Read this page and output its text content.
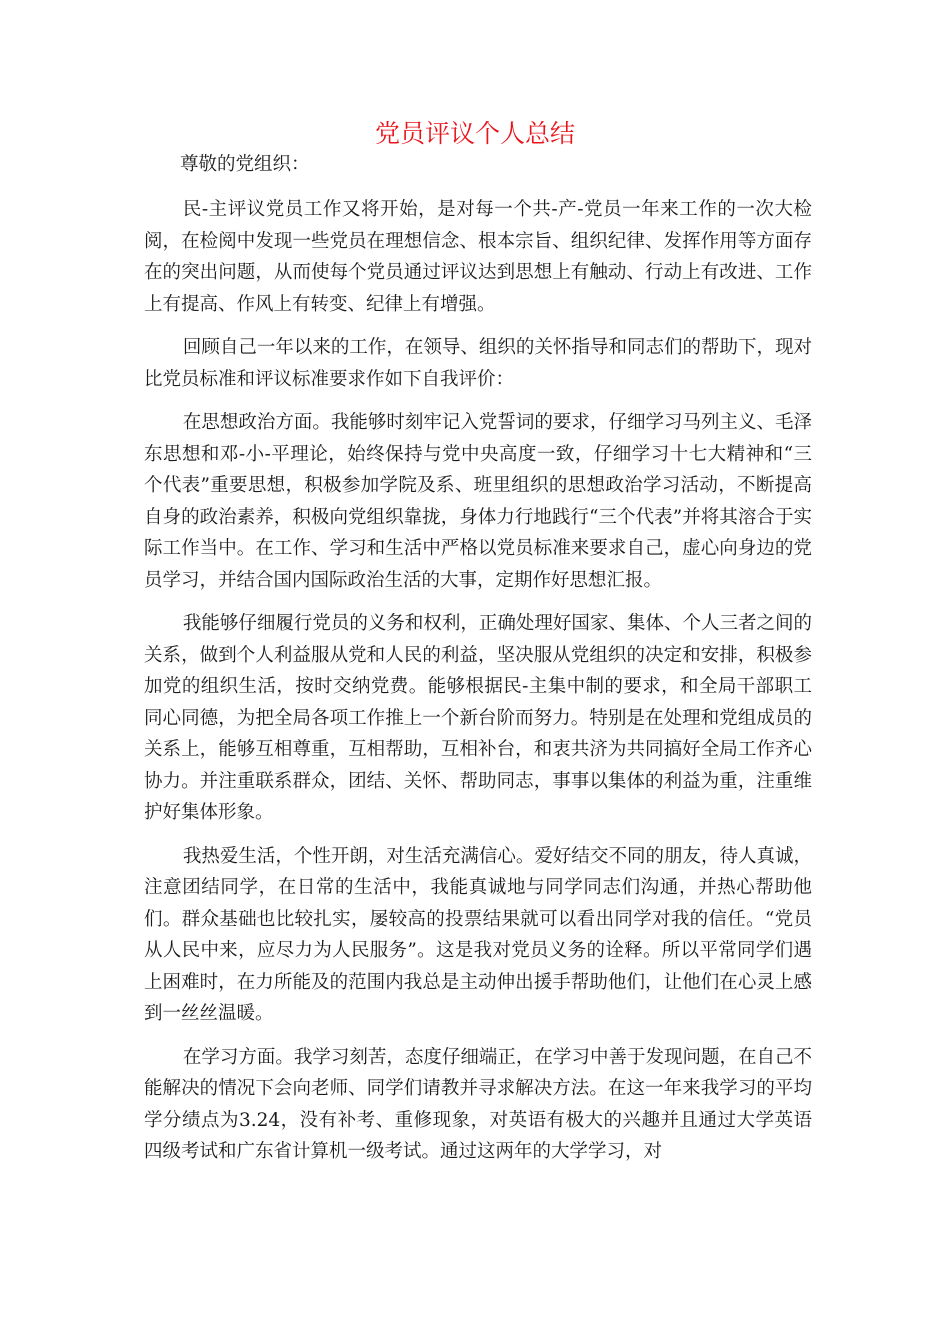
党员评议个人总结

尊敬的党组织：

民-主评议党员工作又将开始，是对每一个共-产-党员一年来工作的一次大检阅，在检阅中发现一些党员在理想信念、根本宗旨、组织纪律、发挥作用等方面存在的突出问题，从而使每个党员通过评议达到思想上有触动、行动上有改进、工作上有提高、作风上有转变、纪律上有增强。

回顾自己一年以来的工作，在领导、组织的关怀指导和同志们的帮助下，现对比党员标准和评议标准要求作如下自我评价：

在思想政治方面。我能够时刻牢记入党誓词的要求，仔细学习马列主义、毛泽东思想和邓-小-平理论，始终保持与党中央高度一致，仔细学习十七大精神和“三个代表”重要思想，积极参加学院及系、班里组织的思想政治学习活动，不断提高自身的政治素养，积极向党组织靠拢，身体力行地践行“三个代表”并将其溶合于实际工作当中。在工作、学习和生活中严格以党员标准来要求自己，虚心向身边的党员学习，并结合国内国际政治生活的大事，定期作好思想汇报。

我能够仔细履行党员的义务和权利，正确处理好国家、集体、个人三者之间的关系，做到个人利益服从党和人民的利益，坚决服从党组织的决定和安排，积极参加党的组织生活，按时交纳党费。能够根据民-主集中制的要求，和全局干部职工同心同德，为把全局各项工作推上一个新台阶而努力。特别是在处理和党组成员的关系上，能够互相尊重，互相帮助，互相补台，和衷共济为共同搞好全局工作齐心协力。并注重联系群众，团结、关怀、帮助同志，事事以集体的利益为重，注重维护好集体形象。

我热爱生活，个性开朗，对生活充满信心。爱好结交不同的朋友，待人真诚，注意团结同学，在日常的生活中，我能真诚地与同学同志们沟通，并热心帮助他们。群众基础也比较扎实，屡较高的投票结果就可以看出同学对我的信任。“党员从人民中来，应尽力为人民服务”。这是我对党员义务的诠释。所以平常同学们遇上困难时，在力所能及的范围内我总是主动伸出援手帮助他们，让他们在心灵上感到一丝丝温暖。

在学习方面。我学习刻苦，态度仔细端正，在学习中善于发现问题，在自己不能解决的情况下会向老师、同学们请教并寻求解决方法。在这一年来我学习的平均学分绩点为3.24，没有补考、重修现象，对英语有极大的兴趣并且通过大学英语四级考试和广东省计算机一级考试。通过这两年的大学学习，对
